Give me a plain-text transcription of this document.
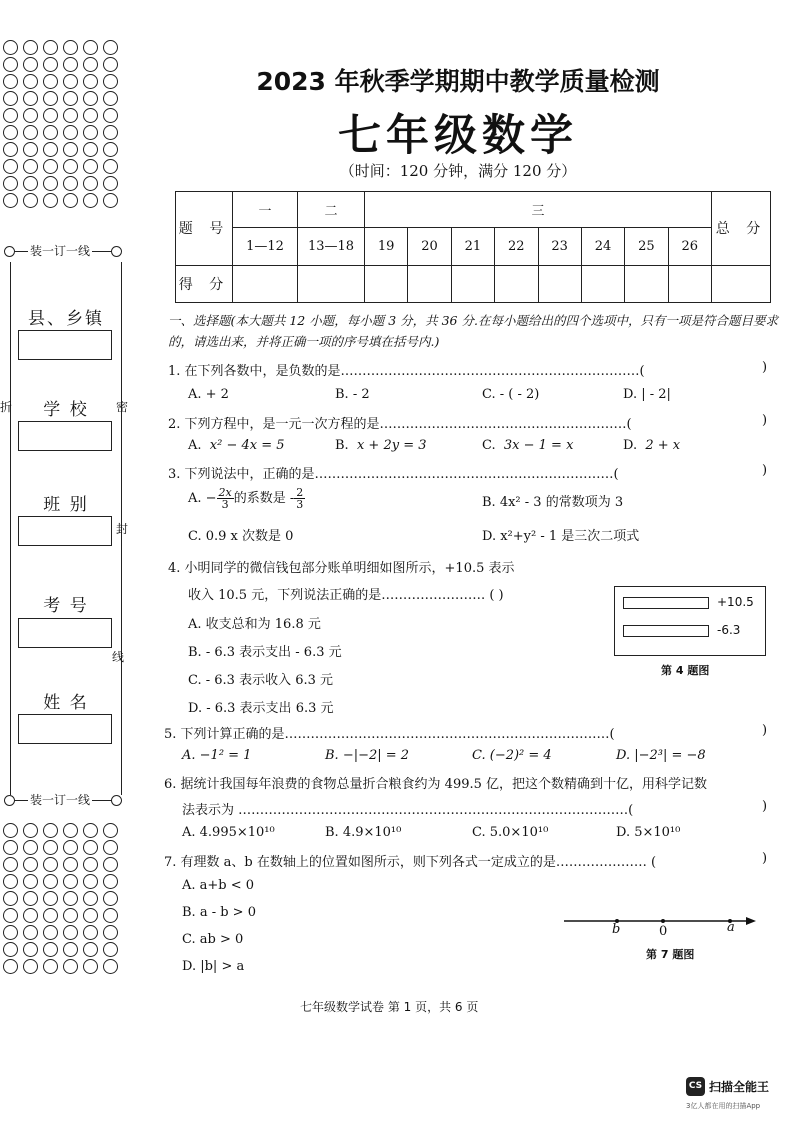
装一订一线
装一订一线
县、乡镇
学 校
班 别
考 号
姓 名
折	密
封
线
2023 年秋季学期期中教学质量检测
七年级数学
（时间：120 分钟，满分 120 分）
题 号	一	二	三								总 分
	1—12	13—18	19	20	21	22	23	24	25	26	
得 分											
一、选择题(本大题共 12 小题，每小题 3 分，共 36 分.在每小题给出的四个选项中，只有一项是符合题目要求的，请选出来，并将正确一项的序号填在括号内.)
1. 在下列各数中，是负数的是……………………………………………………………(	)
A. + 2	B. - 2	C. - ( - 2)	D. | - 2|
2. 下列方程中，是一元一次方程的是…………………………………………………(	)
A. x² − 4x = 5	B. x + 2y = 3	C. 3x − 1 = x	D. 2 + x
3. 下列说法中，正确的是……………………………………………………………(	)
A. − $\frac{2x}{3}$ 的系数是 - $\frac{2}{3}$	B. 4x² - 3 的常数项为 3
C. 0.9 x 次数是 0	D. x²+y² - 1 是三次二项式
4. 小明同学的微信钱包部分账单明细如图所示，+10.5 表示
收入 10.5 元，下列说法正确的是…………………… ( )
A. 收支总和为 16.8 元
B. - 6.3 表示支出 - 6.3 元
C. - 6.3 表示收入 6.3 元
D. - 6.3 表示支出 6.3 元
+10.5
-6.3
第 4 题图
5. 下列计算正确的是…………………………………………………………………(	)
A. −1² = 1	B. −|−2| = 2	C. (−2)² = 4	D. |−2³| = −8
6. 据统计我国每年浪费的食物总量折合粮食约为 499.5 亿，把这个数精确到十亿，用科学记数
法表示为 ………………………………………………………………………………(	)
A. 4.995×10¹⁰	B. 4.9×10¹⁰	C. 5.0×10¹⁰	D. 5×10¹⁰
7. 有理数 a、b 在数轴上的位置如图所示，则下列各式一定成立的是………………… (	)
A. a+b < 0
B. a - b > 0
C. ab > 0
D. |b| > a
b	0	a
第 7 题图
七年级数学试卷 第 1 页，共 6 页
CS 扫描全能王
3亿人都在用的扫描App
